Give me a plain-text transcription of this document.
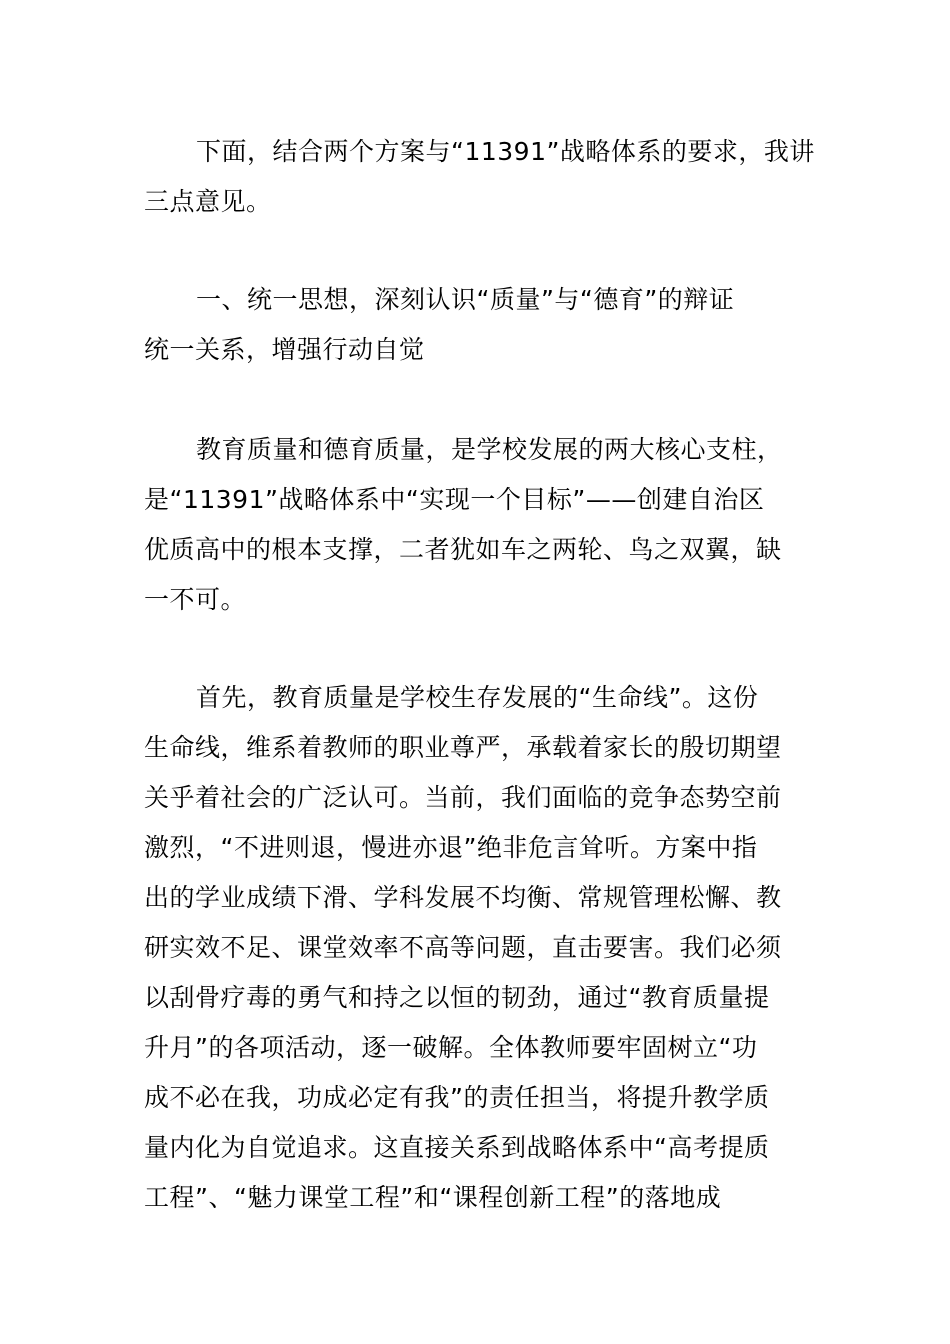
下面，结合两个方案与“11391”战略体系的要求，我讲
三点意见。
一、统一思想，深刻认识“质量”与“德育”的辩证
统一关系，增强行动自觉
教育质量和德育质量，是学校发展的两大核心支柱，
是“11391”战略体系中“实现一个目标”——创建自治区
优质高中的根本支撑，二者犹如车之两轮、鸟之双翼，缺
一不可。
首先，教育质量是学校生存发展的“生命线”。这份
生命线，维系着教师的职业尊严，承载着家长的殷切期望
关乎着社会的广泛认可。当前，我们面临的竞争态势空前
激烈，“不进则退，慢进亦退”绝非危言耸听。方案中指
出的学业成绩下滑、学科发展不均衡、常规管理松懈、教
研实效不足、课堂效率不高等问题，直击要害。我们必须
以刮骨疗毒的勇气和持之以恒的韧劲，通过“教育质量提
升月”的各项活动，逐一破解。全体教师要牢固树立“功
成不必在我，功成必定有我”的责任担当，将提升教学质
量内化为自觉追求。这直接关系到战略体系中“高考提质
工程”、“魅力课堂工程”和“课程创新工程”的落地成
